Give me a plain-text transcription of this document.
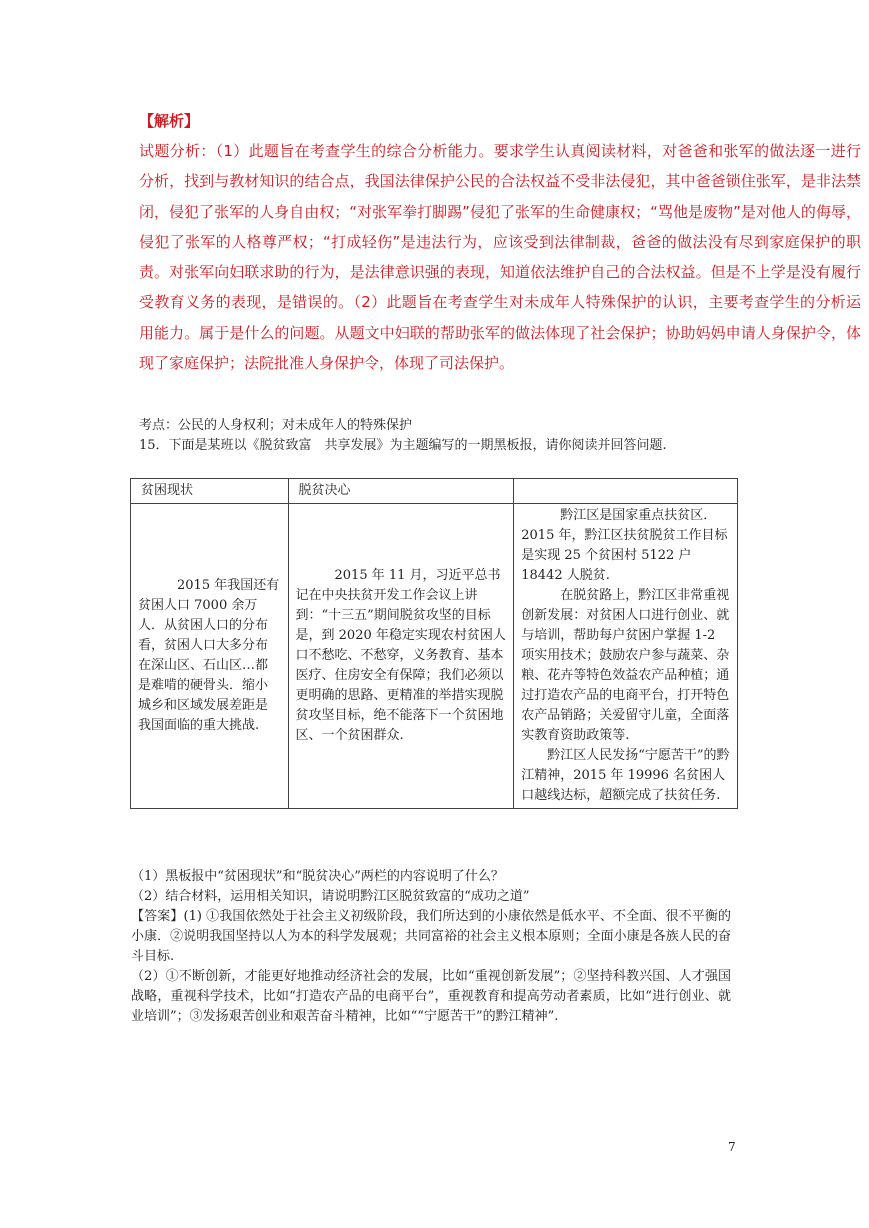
【解析】
试题分析：（1）此题旨在考查学生的综合分析能力。要求学生认真阅读材料，对爸爸和张军的做法逐一进行分析，找到与教材知识的结合点，我国法律保护公民的合法权益不受非法侵犯，其中爸爸锁住张军，是非法禁闭，侵犯了张军的人身自由权；“对张军拳打脚踢”侵犯了张军的生命健康权；“骂他是废物”是对他人的侮辱，侵犯了张军的人格尊严权；“打成轻伤”是违法行为，应该受到法律制裁，爸爸的做法没有尽到家庭保护的职责。对张军向妇联求助的行为，是法律意识强的表现，知道依法维护自己的合法权益。但是不上学是没有履行受教育义务的表现，是错误的。（2）此题旨在考查学生对未成年人特殊保护的认识，主要考查学生的分析运用能力。属于是什么的问题。从题文中妇联的帮助张军的做法体现了社会保护；协助妈妈申请人身保护令，体现了家庭保护；法院批准人身保护令，体现了司法保护。
考点：公民的人身权利；对未成年人的特殊保护
15．下面是某班以《脱贫致富　共享发展》为主题编写的一期黑板报，请你阅读并回答问题.
贫困现状	脱贫决心	

2015 年我国还有贫困人口 7000 余万人．从贫困人口的分布看，贫困人口大多分布在深山区、石山区…都是难啃的硬骨头．缩小城乡和区域发展差距是我国面临的重大挑战.	2015 年 11 月，习近平总书记在中央扶贫开发工作会议上讲到：“十三五”期间脱贫攻坚的目标是，到 2020 年稳定实现农村贫困人口不愁吃、不愁穿，义务教育、基本医疗、住房安全有保障；我们必须以更明确的思路、更精准的举措实现脱贫攻坚目标，绝不能落下一个贫困地区、一个贫困群众.	黔江区是国家重点扶贫区．2015 年，黔江区扶贫脱贫工作目标是实现 25 个贫困村 5122 户 18442 人脱贫.
在脱贫路上，黔江区非常重视创新发展：对贫困人口进行创业、就与培训，帮助每户贫困户掌握 1-2 项实用技术；鼓励农户参与蔬菜、杂粮、花卉等特色效益农产品种植；通过打造农产品的电商平台，打开特色农产品销路；关爱留守儿童，全面落实教育资助政策等.
黔江区人民发扬“宁愿苦干”的黔江精神，2015 年 19996 名贫困人口越线达标，超额完成了扶贫任务.
（1）黑板报中“贫困现状”和“脱贫决心”两栏的内容说明了什么？
（2）结合材料，运用相关知识，请说明黔江区脱贫致富的“成功之道”
【答案】(1) ①我国依然处于社会主义初级阶段，我们所达到的小康依然是低水平、不全面、很不平衡的小康．②说明我国坚持以人为本的科学发展观；共同富裕的社会主义根本原则；全面小康是各族人民的奋斗目标.
（2）①不断创新，才能更好地推动经济社会的发展，比如“重视创新发展”；②坚持科教兴国、人才强国战略，重视科学技术，比如“打造农产品的电商平台”，重视教育和提高劳动者素质，比如“进行创业、就业培训”；③发扬艰苦创业和艰苦奋斗精神，比如““宁愿苦干”的黔江精神”.
7
